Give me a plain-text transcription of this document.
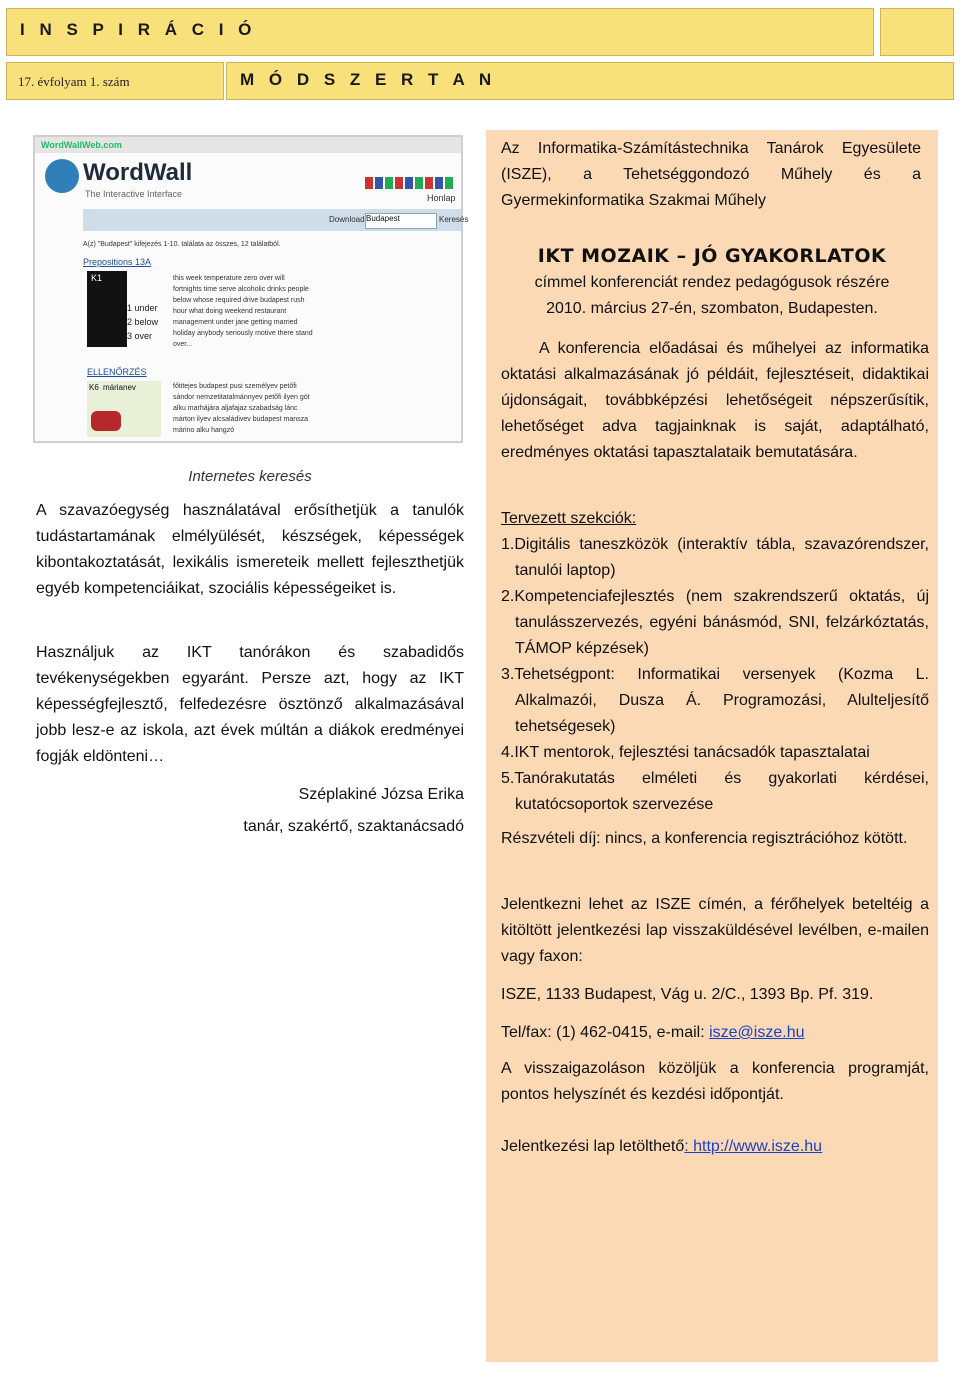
I N S P I R Á C I Ó
17. évfolyam 1. szám	M Ó D S Z E R T A N
WordWallWeb.com
WordWall
The Interactive Interface	Honlap
Download Budapest	Keresés
A(z) "Budapest" kifejezés 1-10. találata az összes, 12 találatból.
Prepositions 13A
K1
1 under
2 below
3 over
this week temperature zero over will fortnights time serve alcoholic drinks people below whose required drive budapest rush hour what doing weekend restaurant management under jane getting married holiday anybody seriously motive there stand over...
ELLENŐRZÉS
K6 márianev	főtitejes budapest pusi személyev petőfi sándor nemzetitatalmánnyev petőfi ilyen gót alku marhájára aljafajaz szabadság lánc márton ilyev alcsaládivev budapest mansza márino alku hangzó
Internetes keresés
A szavazóegység használatával erősíthetjük a tanulók tudástartamának elmélyülését, készségek, képességek kibontakoztatását, lexikális ismereteik mellett fejleszthetjük egyéb kompetenciáikat, szociális képességeiket is.
Használjuk az IKT tanórákon és szabadidős tevékenységekben egyaránt. Persze azt, hogy az IKT képességfejlesztő, felfedezésre ösztönző alkalmazásával jobb lesz-e az iskola, azt évek múltán a diákok eredményei fogják eldönteni…
Széplakiné Józsa Erika
tanár, szakértő, szaktanácsadó
Az Informatika-Számítástechnika Tanárok Egyesülete (ISZE), a Tehetséggondozó Műhely és a Gyermekinformatika Szakmai Műhely
IKT MOZAIK – JÓ GYAKORLATOK
címmel konferenciát rendez pedagógusok részére
2010. március 27-én, szombaton, Budapesten.
A konferencia előadásai és műhelyei az informatika oktatási alkalmazásának jó példáit, fejlesztéseit, didaktikai újdonságait, továbbképzési lehetőségeit népszerűsítik, lehetőséget adva tagjainknak is saját, adaptálható, eredményes oktatási tapasztalataik bemutatására.
Tervezett szekciók:
1.Digitális taneszközök (interaktív tábla, szavazórendszer, tanulói laptop)
2.Kompetenciafejlesztés (nem szakrendszerű oktatás, új tanulásszervezés, egyéni bánásmód, SNI, felzárkóztatás, TÁMOP képzések)
3.Tehetségpont: Informatikai versenyek (Kozma L. Alkalmazói, Dusza Á. Programozási, Alulteljesítő tehetségesek)
4.IKT mentorok, fejlesztési tanácsadók tapasztalatai
5.Tanórakutatás elméleti és gyakorlati kérdései, kutatócsoportok szervezése
Részvételi díj: nincs, a konferencia regisztrációhoz kötött.
Jelentkezni lehet az ISZE címén, a férőhelyek beteltéig a kitöltött jelentkezési lap visszaküldésével levélben, e-mailen vagy faxon:
ISZE, 1133 Budapest, Vág u. 2/C., 1393 Bp. Pf. 319.
Tel/fax: (1) 462-0415, e-mail: isze@isze.hu
A visszaigazoláson közöljük a konferencia programját, pontos helyszínét és kezdési időpontját.
Jelentkezési lap letölthető: http://www.isze.hu
